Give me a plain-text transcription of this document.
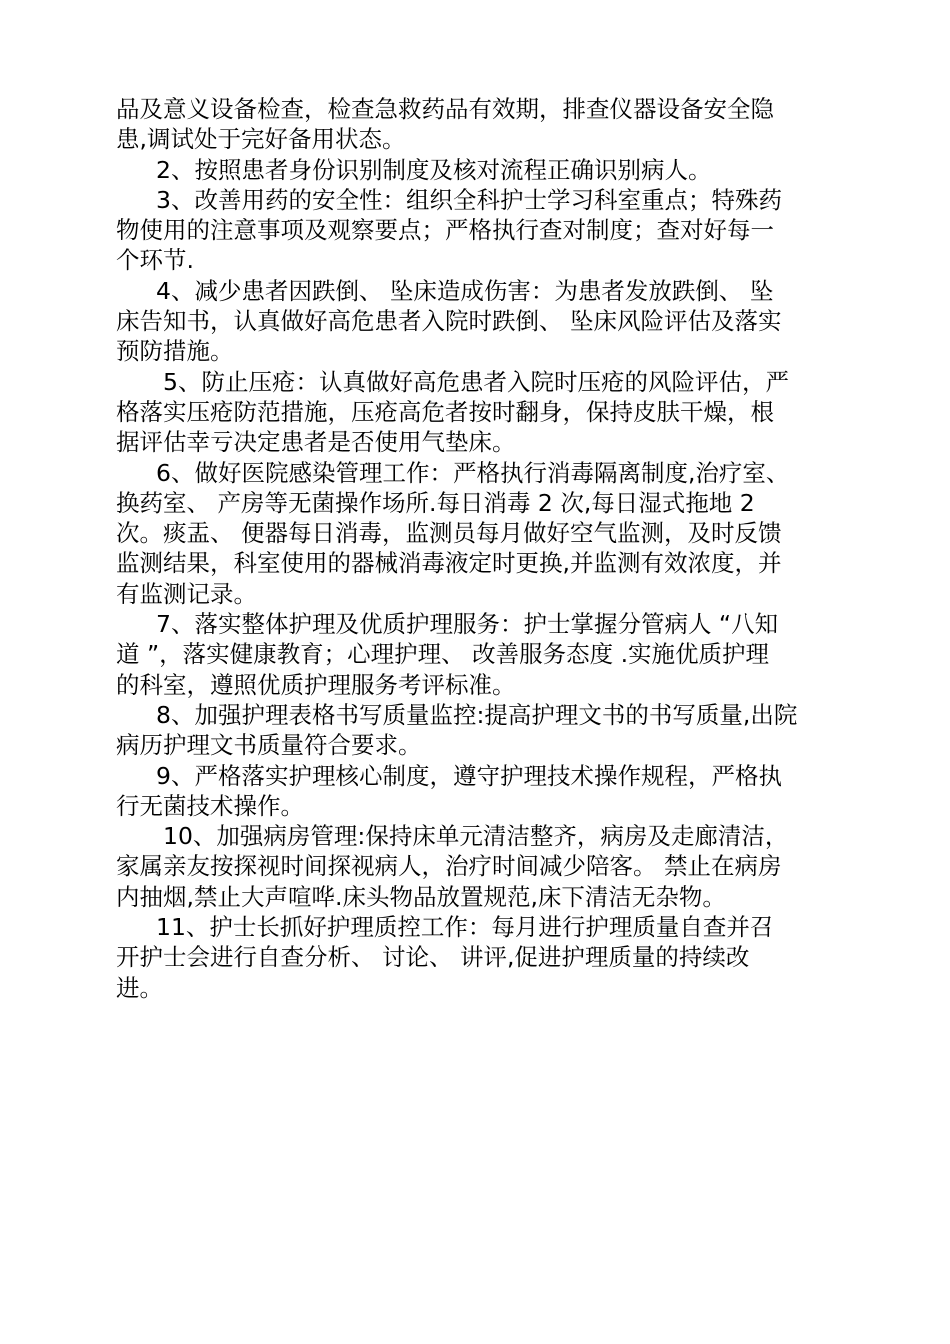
品及意义设备检查，检查急救药品有效期，排查仪器设备安全隐
患,调试处于完好备用状态。
2、按照患者身份识别制度及核对流程正确识别病人。
3、改善用药的安全性：组织全科护士学习科室重点；特殊药
物使用的注意事项及观察要点；严格执行查对制度；查对好每一
个环节.
4、减少患者因跌倒、 坠床造成伤害：为患者发放跌倒、 坠
床告知书，认真做好高危患者入院时跌倒、 坠床风险评估及落实
预防措施。
5、防止压疮：认真做好高危患者入院时压疮的风险评估，严
格落实压疮防范措施，压疮高危者按时翻身，保持皮肤干燥，根
据评估幸亏决定患者是否使用气垫床。
6、做好医院感染管理工作：严格执行消毒隔离制度,治疗室、
换药室、 产房等无菌操作场所.每日消毒 2 次,每日湿式拖地 2
次。痰盂、 便器每日消毒，监测员每月做好空气监测，及时反馈
监测结果，科室使用的器械消毒液定时更换,并监测有效浓度，并
有监测记录。
7、落实整体护理及优质护理服务：护士掌握分管病人 “八知
道 ”，落实健康教育；心理护理、 改善服务态度 .实施优质护理
的科室，遵照优质护理服务考评标准。
8、加强护理表格书写质量监控:提高护理文书的书写质量,出院
病历护理文书质量符合要求。
9、严格落实护理核心制度，遵守护理技术操作规程，严格执
行无菌技术操作。
10、加强病房管理:保持床单元清洁整齐，病房及走廊清洁，
家属亲友按探视时间探视病人，治疗时间减少陪客。 禁止在病房
内抽烟,禁止大声喧哗.床头物品放置规范,床下清洁无杂物。
11、护士长抓好护理质控工作：每月进行护理质量自查并召
开护士会进行自查分析、 讨论、 讲评,促进护理质量的持续改
进。
